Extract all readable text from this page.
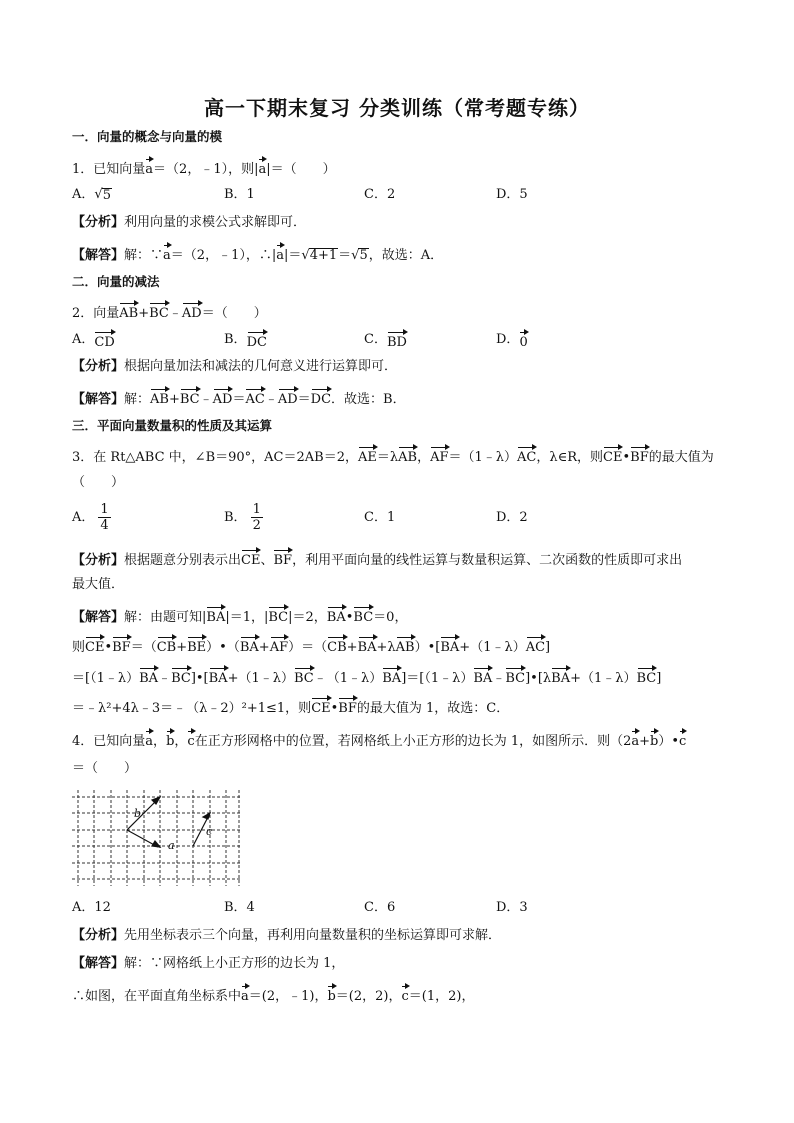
高一下期末复习 分类训练（常考题专练）
一．向量的概念与向量的模
1．已知向量a＝（2，﹣1），则|a|＝（　　）
A． √ 5	B．1	C．2	D．5
【分析】利用向量的求模公式求解即可．
【解答】解：∵a＝（2，﹣1），∴|a|＝√4+1＝√5，故选：A．
二．向量的减法
2．向量AB+BC﹣AD＝（　　）
A． CD	B． DC	C． BD	D． 0
【分析】根据向量加法和减法的几何意义进行运算即可．
【解答】解：AB+BC﹣AD＝AC﹣AD＝DC．故选：B．
三．平面向量数量积的性质及其运算
3．在 Rt△ABC 中，∠B＝90°，AC＝2AB＝2，AE＝λAB，AF＝（1﹣λ）AC，λ∈R，则CE•BF的最大值为
（　　）
A． $\frac{1}{4}$	B． $\frac{1}{2}$	C．1	D．2
【分析】根据题意分别表示出CE、BF，利用平面向量的线性运算与数量积运算、二次函数的性质即可求出
最大值．
【解答】解：由题可知|BA|＝1，|BC|＝2，BA•BC＝0，
则CE•BF＝（CB+BE）•（BA+AF）＝（CB+BA+λAB）•[BA+（1﹣λ）AC]
＝[（1﹣λ）BA﹣BC]•[BA+（1﹣λ）BC﹣（1﹣λ）BA]＝[（1﹣λ）BA﹣BC]•[λBA+（1﹣λ）BC]
＝﹣λ²+4λ﹣3＝﹣（λ﹣2）²+1≤1，则CE•BF的最大值为 1，故选：C．
4．已知向量a，b，c在正方形网格中的位置，若网格纸上小正方形的边长为 1，如图所示．则（2a+b）•c
＝（　　）
a
b
c
A．12	B．4	C．6	D．3
【分析】先用坐标表示三个向量，再利用向量数量积的坐标运算即可求解．
【解答】解：∵网格纸上小正方形的边长为 1，
∴如图，在平面直角坐标系中a＝(2，﹣1)，b＝(2，2)，c＝(1，2)，
